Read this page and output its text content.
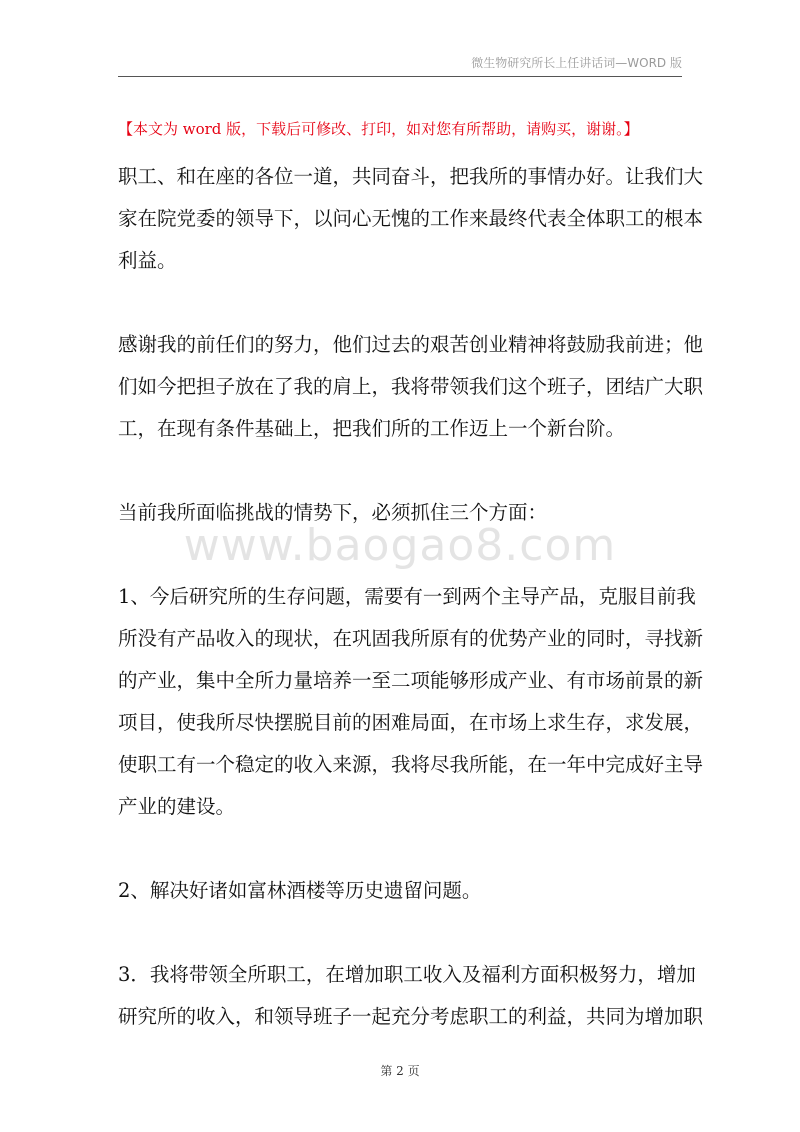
微生物研究所长上任讲话词—WORD 版
【本文为 word 版，下载后可修改、打印，如对您有所帮助，请购买，谢谢。】

职工、和在座的各位一道，共同奋斗，把我所的事情办好。让我们大

家在院党委的领导下，以问心无愧的工作来最终代表全体职工的根本

利益。

感谢我的前任们的努力，他们过去的艰苦创业精神将鼓励我前进；他

们如今把担子放在了我的肩上，我将带领我们这个班子，团结广大职

工，在现有条件基础上，把我们所的工作迈上一个新台阶。

当前我所面临挑战的情势下，必须抓住三个方面：

1、今后研究所的生存问题，需要有一到两个主导产品，克服目前我

所没有产品收入的现状，在巩固我所原有的优势产业的同时，寻找新

的产业，集中全所力量培养一至二项能够形成产业、有市场前景的新

项目，使我所尽快摆脱目前的困难局面，在市场上求生存，求发展，

使职工有一个稳定的收入来源，我将尽我所能，在一年中完成好主导

产业的建设。

2、解决好诸如富林酒楼等历史遗留问题。

3．我将带领全所职工，在增加职工收入及福利方面积极努力，增加

研究所的收入，和领导班子一起充分考虑职工的利益，共同为增加职

www.baogao8.com
第 2 页
